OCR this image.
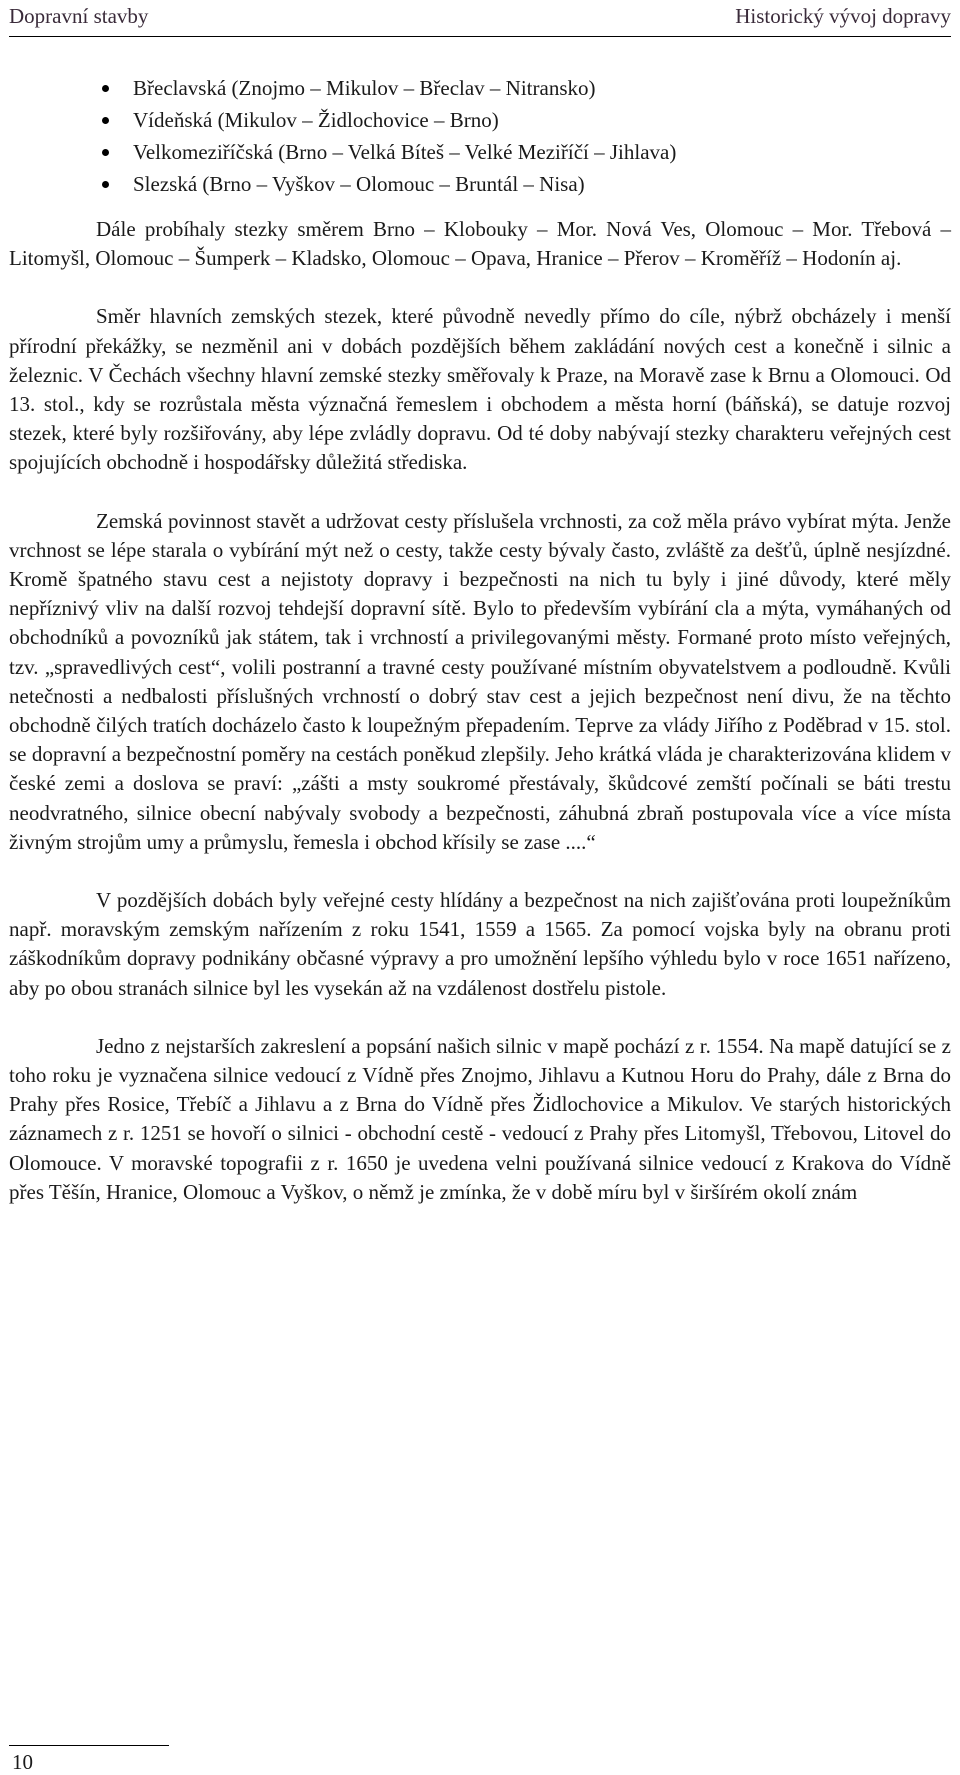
Dopravní stavby	Historický vývoj dopravy
Břeclavská (Znojmo – Mikulov – Břeclav – Nitransko)
Vídeňská (Mikulov – Židlochovice – Brno)
Velkomeziříčská (Brno – Velká Bíteš – Velké Meziříčí – Jihlava)
Slezská (Brno – Vyškov – Olomouc – Bruntál – Nisa)

Dále probíhaly stezky směrem Brno – Klobouky – Mor. Nová Ves, Olomouc – Mor. Třebová – Litomyšl, Olomouc – Šumperk – Kladsko, Olomouc – Opava, Hranice – Přerov – Kroměříž – Hodonín aj.

Směr hlavních zemských stezek, které původně nevedly přímo do cíle, nýbrž obcházely i menší přírodní překážky, se nezměnil ani v dobách pozdějších během zakládání nových cest a konečně i silnic a železnic. V Čechách všechny hlavní zemské stezky směřovaly k Praze, na Moravě zase k Brnu a Olomouci. Od 13. stol., kdy se rozrůstala města význačná řemeslem i obchodem a města horní (báňská), se datuje rozvoj stezek, které byly rozšiřovány, aby lépe zvládly dopravu. Od té doby nabývají stezky charakteru veřejných cest spojujících obchodně i hospodářsky důležitá střediska.

Zemská povinnost stavět a udržovat cesty příslušela vrchnosti, za což měla právo vybírat mýta. Jenže vrchnost se lépe starala o vybírání mýt než o cesty, takže cesty bývaly často, zvláště za dešťů, úplně nesjízdné. Kromě špatného stavu cest a nejistoty dopravy i bezpečnosti na nich tu byly i jiné důvody, které měly nepříznivý vliv na další rozvoj tehdejší dopravní sítě. Bylo to především vybírání cla a mýta, vymáhaných od obchodníků a povozníků jak státem, tak i vrchností a privilegovanými městy. Formané proto místo veřejných, tzv. „spravedlivých cest“, volili postranní a travné cesty používané místním obyvatelstvem a podloudně. Kvůli netečnosti a nedbalosti příslušných vrchností o dobrý stav cest a jejich bezpečnost není divu, že na těchto obchodně čilých tratích docházelo často k loupežným přepadením. Teprve za vlády Jiřího z Poděbrad v 15. stol. se dopravní a bezpečnostní poměry na cestách poněkud zlepšily. Jeho krátká vláda je charakterizována klidem v české zemi a doslova se praví: „zášti a msty soukromé přestávaly, škůdcové zemští počínali se báti trestu neodvratného, silnice obecní nabývaly svobody a bezpečnosti, záhubná zbraň postupovala více a více místa živným strojům umy a průmyslu, řemesla i obchod křísily se zase ....“

V pozdějších dobách byly veřejné cesty hlídány a bezpečnost na nich zajišťována proti loupežníkům např. moravským zemským nařízením z roku 1541, 1559 a 1565. Za pomocí vojska byly na obranu proti záškodníkům dopravy podnikány občasné výpravy a pro umožnění lepšího výhledu bylo v roce 1651 nařízeno, aby po obou stranách silnice byl les vysekán až na vzdálenost dostřelu pistole.

Jedno z nejstarších zakreslení a popsání našich silnic v mapě pochází z r. 1554. Na mapě datující se z toho roku je vyznačena silnice vedoucí z Vídně přes Znojmo, Jihlavu a Kutnou Horu do Prahy, dále z Brna do Prahy přes Rosice, Třebíč a Jihlavu a z Brna do Vídně přes Židlochovice a Mikulov. Ve starých historických záznamech z r. 1251 se hovoří o silnici - obchodní cestě - vedoucí z Prahy přes Litomyšl, Třebovou, Litovel do Olomouce. V moravské topografii z r. 1650 je uvedena velni používaná silnice vedoucí z Krakova do Vídně přes Těšín, Hranice, Olomouc a Vyškov, o němž je zmínka, že v době míru byl v širšírém okolí znám

10
